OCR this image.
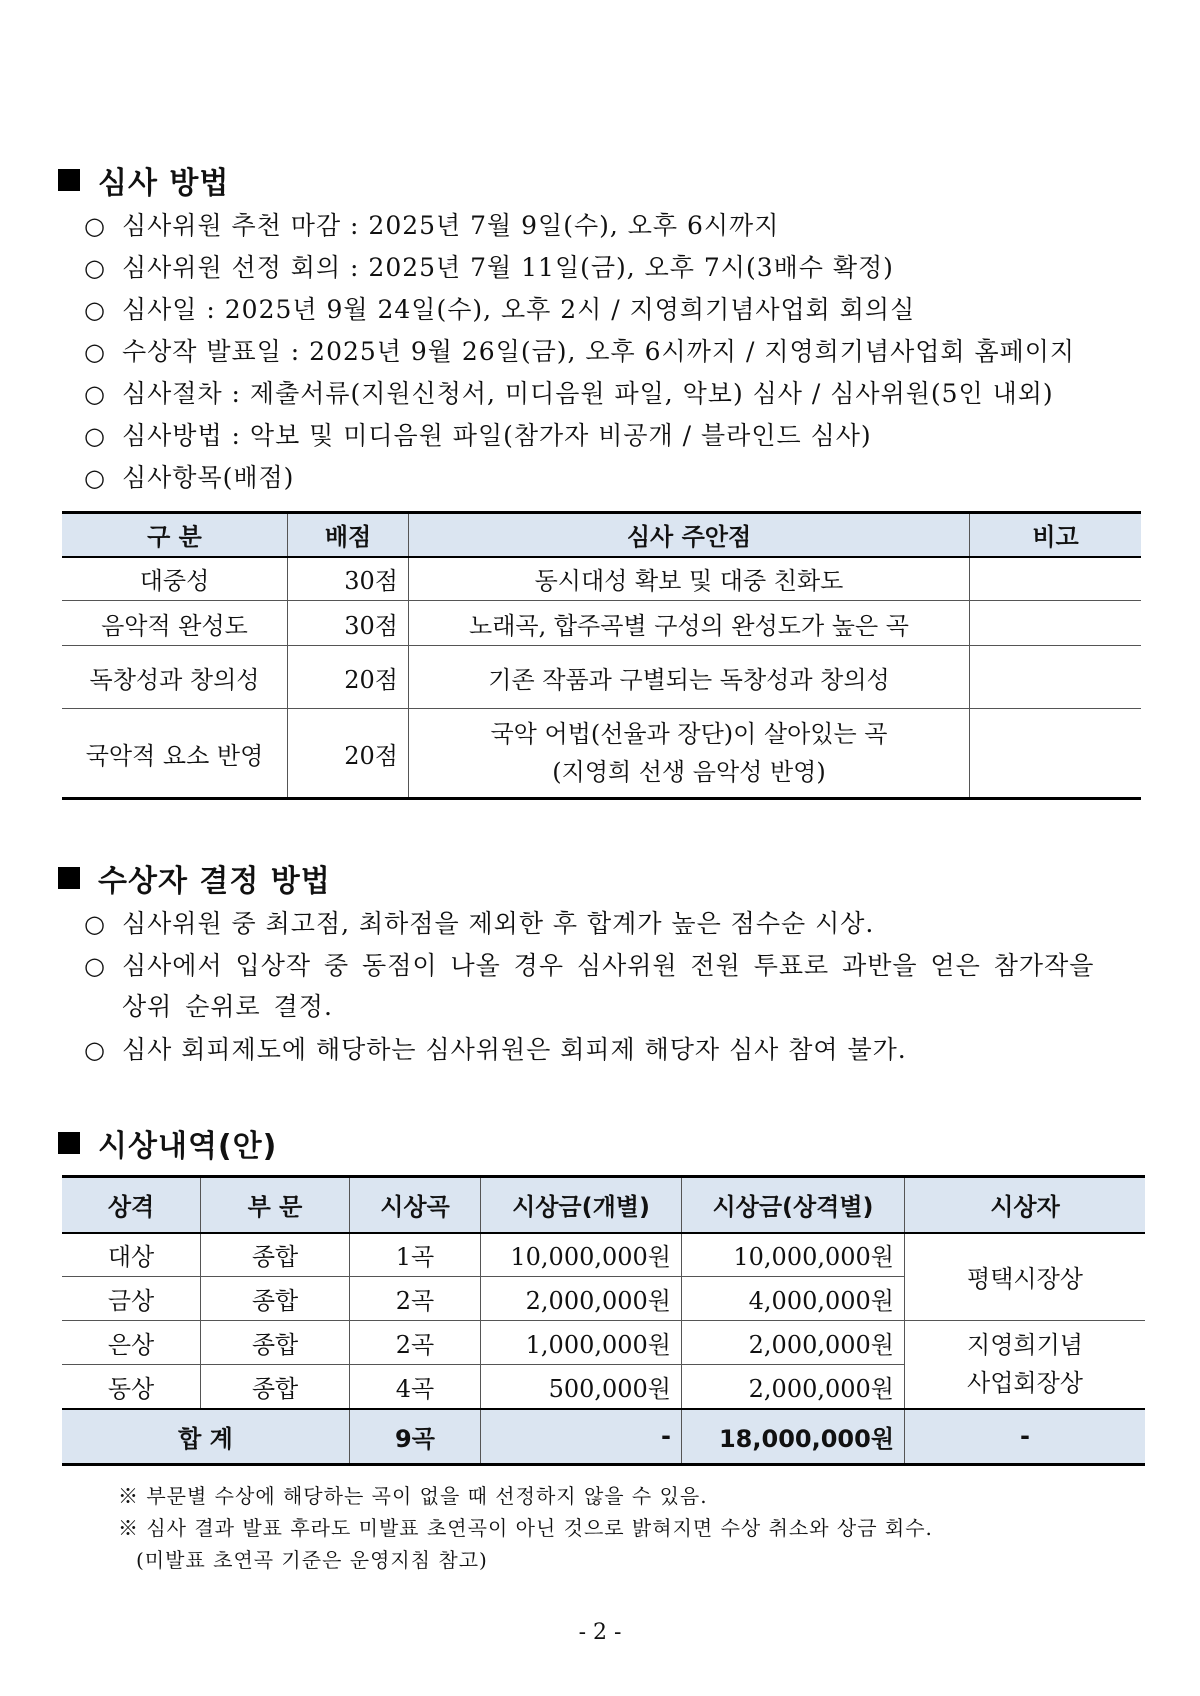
심사 방법
○ 심사위원 추천 마감 : 2025년 7월 9일(수), 오후 6시까지
○ 심사위원 선정 회의 : 2025년 7월 11일(금), 오후 7시(3배수 확정)
○ 심사일 : 2025년 9월 24일(수), 오후 2시 / 지영희기념사업회 회의실
○ 수상작 발표일 : 2025년 9월 26일(금), 오후 6시까지 / 지영희기념사업회 홈페이지
○ 심사절차 : 제출서류(지원신청서, 미디음원 파일, 악보) 심사 / 심사위원(5인 내외)
○ 심사방법 : 악보 및 미디음원 파일(참가자 비공개 / 블라인드 심사)
○ 심사항목(배점)
구 분	배점	심사 주안점	비고
대중성	30점	동시대성 확보 및 대중 친화도	
음악적 완성도	30점	노래곡, 합주곡별 구성의 완성도가 높은 곡	
독창성과 창의성	20점	기존 작품과 구별되는 독창성과 창의성	
국악적 요소 반영	20점	국악 어법(선율과 장단)이 살아있는 곡
(지영희 선생 음악성 반영)	

수상자 결정 방법
○ 심사위원 중 최고점, 최하점을 제외한 후 합계가 높은 점수순 시상.
○ 심사에서 입상작 중 동점이 나올 경우 심사위원 전원 투표로 과반을 얻은 참가작을 상위 순위로 결정.
○ 심사 회피제도에 해당하는 심사위원은 회피제 해당자 심사 참여 불가.
시상내역(안)
상격	부 문	시상곡	시상금(개별)	시상금(상격별)	시상자
대상	종합	1곡	10,000,000원	10,000,000원	평택시장상
금상	종합	2곡	2,000,000원	4,000,000원	
은상	종합	2곡	1,000,000원	2,000,000원	지영희기념
사업회장상

동상	종합	4곡	500,000원	2,000,000원	
합 계		9곡	-	18,000,000원	-
※ 부문별 수상에 해당하는 곡이 없을 때 선정하지 않을 수 있음.
※ 심사 결과 발표 후라도 미발표 초연곡이 아닌 것으로 밝혀지면 수상 취소와 상금 회수.
(미발표 초연곡 기준은 운영지침 참고)
- 2 -
